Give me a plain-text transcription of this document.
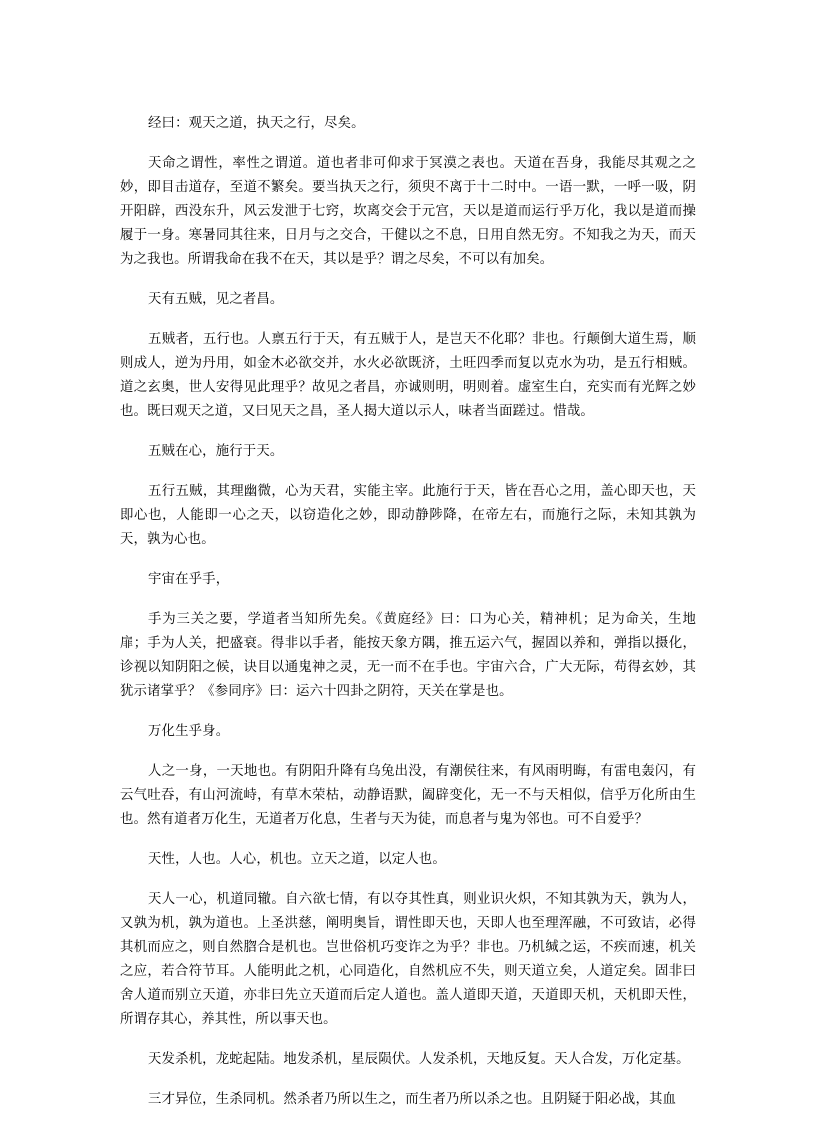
经曰：观天之道，执天之行，尽矣。

天命之谓性，率性之谓道。道也者非可仰求于冥漠之表也。天道在吾身，我能尽其观之之妙，即目击道存，至道不繁矣。要当执天之行，须臾不离于十二时中。一语一默，一呼一吸，阴开阳辟，西没东升，风云发泄于七窍，坎离交会于元宫，天以是道而运行乎万化，我以是道而操履于一身。寒暑同其往来，日月与之交合，干健以之不息，日用自然无穷。不知我之为天，而天为之我也。所谓我命在我不在天，其以是乎？谓之尽矣，不可以有加矣。

天有五贼，见之者昌。

五贼者，五行也。人禀五行于天，有五贼于人，是岂天不化耶？非也。行颠倒大道生焉，顺则成人，逆为丹用，如金木必欲交并，水火必欲既济，土旺四季而复以克水为功，是五行相贼。道之玄奥，世人安得见此理乎？故见之者昌，亦诚则明，明则着。虚室生白，充实而有光辉之妙也。既曰观天之道，又曰见天之昌，圣人揭大道以示人，味者当面蹉过。惜哉。

五贼在心，施行于天。

五行五贼，其理幽微，心为天君，实能主宰。此施行于天，皆在吾心之用，盖心即天也，天即心也，人能即一心之天，以窃造化之妙，即动静陟降，在帝左右，而施行之际，未知其孰为天，孰为心也。

宇宙在乎手，

手为三关之要，学道者当知所先矣。《黄庭经》曰：口为心关，精神机；足为命关，生地扉；手为人关，把盛衰。得非以手者，能按天象方隅，推五运六气，握固以养和，弹指以摄化，诊视以知阴阳之候，诀目以通鬼神之灵，无一而不在手也。宇宙六合，广大无际，苟得玄妙，其犹示诸掌乎？《参同序》曰：运六十四卦之阴符，天关在掌是也。

万化生乎身。

人之一身，一天地也。有阴阳升降有乌兔出没，有潮侯往来，有风雨明晦，有雷电轰闪，有云气吐吞，有山河流峙，有草木荣枯，动静语默，阖辟变化，无一不与天相似，信乎万化所由生也。然有道者万化生，无道者万化息，生者与天为徒，而息者与鬼为邻也。可不自爱乎？

天性，人也。人心，机也。立天之道，以定人也。

天人一心，机道同辙。自六欲七情，有以夺其性真，则业识火炽，不知其孰为天，孰为人，又孰为机，孰为道也。上圣洪慈，阐明奥旨，谓性即天也，天即人也至理浑融，不可致诘，必得其机而应之，则自然脗合是机也。岂世俗机巧变诈之为乎？非也。乃机缄之运，不疾而速，机关之应，若合符节耳。人能明此之机，心同造化，自然机应不失，则天道立矣，人道定矣。固非曰舍人道而别立天道，亦非曰先立天道而后定人道也。盖人道即天道，天道即天机，天机即天性，所谓存其心，养其性，所以事天也。

天发杀机，龙蛇起陆。地发杀机，星辰陨伏。人发杀机，天地反复。天人合发，万化定基。

三才异位，生杀同机。然杀者乃所以生之，而生者乃所以杀之也。且阴疑于阳必战，其血
